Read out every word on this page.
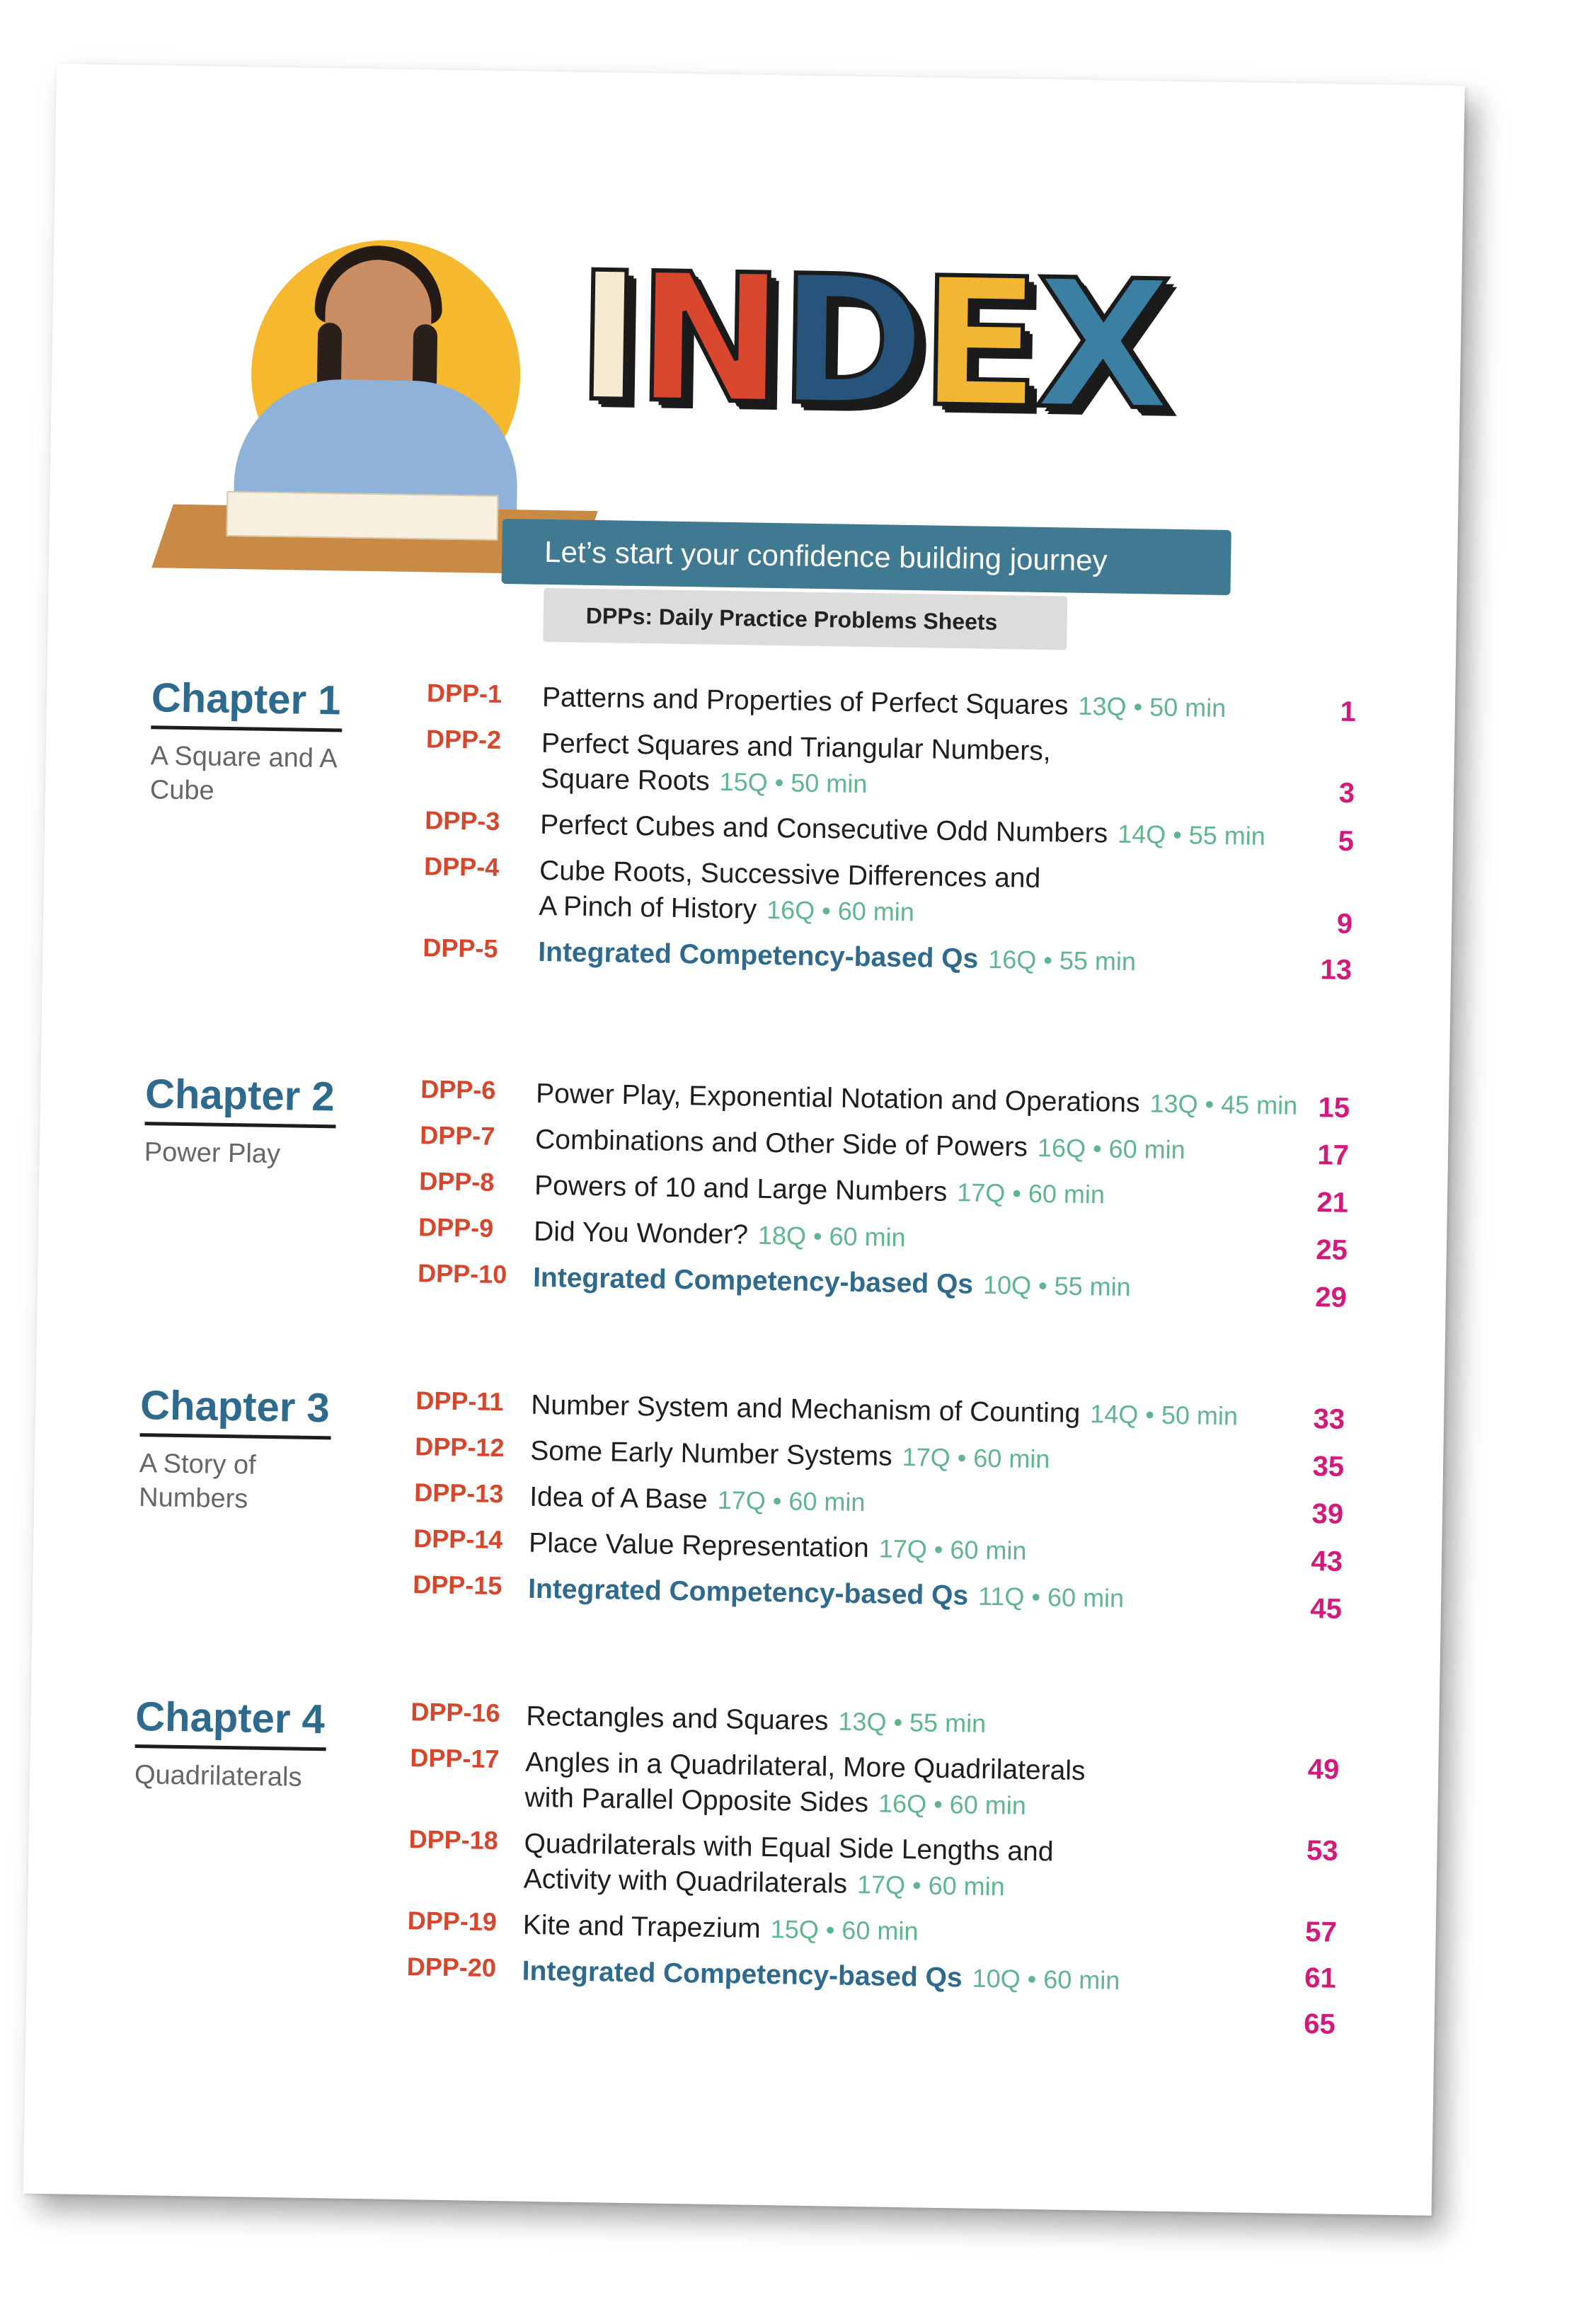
I
N
D
E
X
Let’s start your confidence building journey
DPPs: Daily Practice Problems Sheets
Chapter 1

A Square and A Cube

DPP-1 Patterns and Properties of Perfect Squares 13Q • 50 min
DPP-2 Perfect Squares and Triangular Numbers,
Square Roots 15Q • 50 min
DPP-3 Perfect Cubes and Consecutive Odd Numbers 14Q • 55 min
DPP-4 Cube Roots, Successive Differences and
A Pinch of History 16Q • 60 min
DPP-5 Integrated Competency-based Qs 16Q • 55 min
1
3
5
9
13
Chapter 2

Power Play

DPP-6 Power Play, Exponential Notation and Operations 13Q • 45 min
DPP-7 Combinations and Other Side of Powers 16Q • 60 min
DPP-8 Powers of 10 and Large Numbers 17Q • 60 min
DPP-9 Did You Wonder? 18Q • 60 min
DPP-10 Integrated Competency-based Qs 10Q • 55 min
15
17
21
25
29
Chapter 3

A Story of Numbers

DPP-11 Number System and Mechanism of Counting 14Q • 50 min
DPP-12 Some Early Number Systems 17Q • 60 min
DPP-13 Idea of A Base 17Q • 60 min
DPP-14 Place Value Representation 17Q • 60 min
DPP-15 Integrated Competency-based Qs 11Q • 60 min
33
35
39
43
45
Chapter 4

Quadrilaterals

DPP-16 Rectangles and Squares 13Q • 55 min
DPP-17 Angles in a Quadrilateral, More Quadrilaterals
with Parallel Opposite Sides 16Q • 60 min
DPP-18 Quadrilaterals with Equal Side Lengths and
Activity with Quadrilaterals 17Q • 60 min
DPP-19 Kite and Trapezium 15Q • 60 min
DPP-20 Integrated Competency-based Qs 10Q • 60 min
49
53
57
61
65
